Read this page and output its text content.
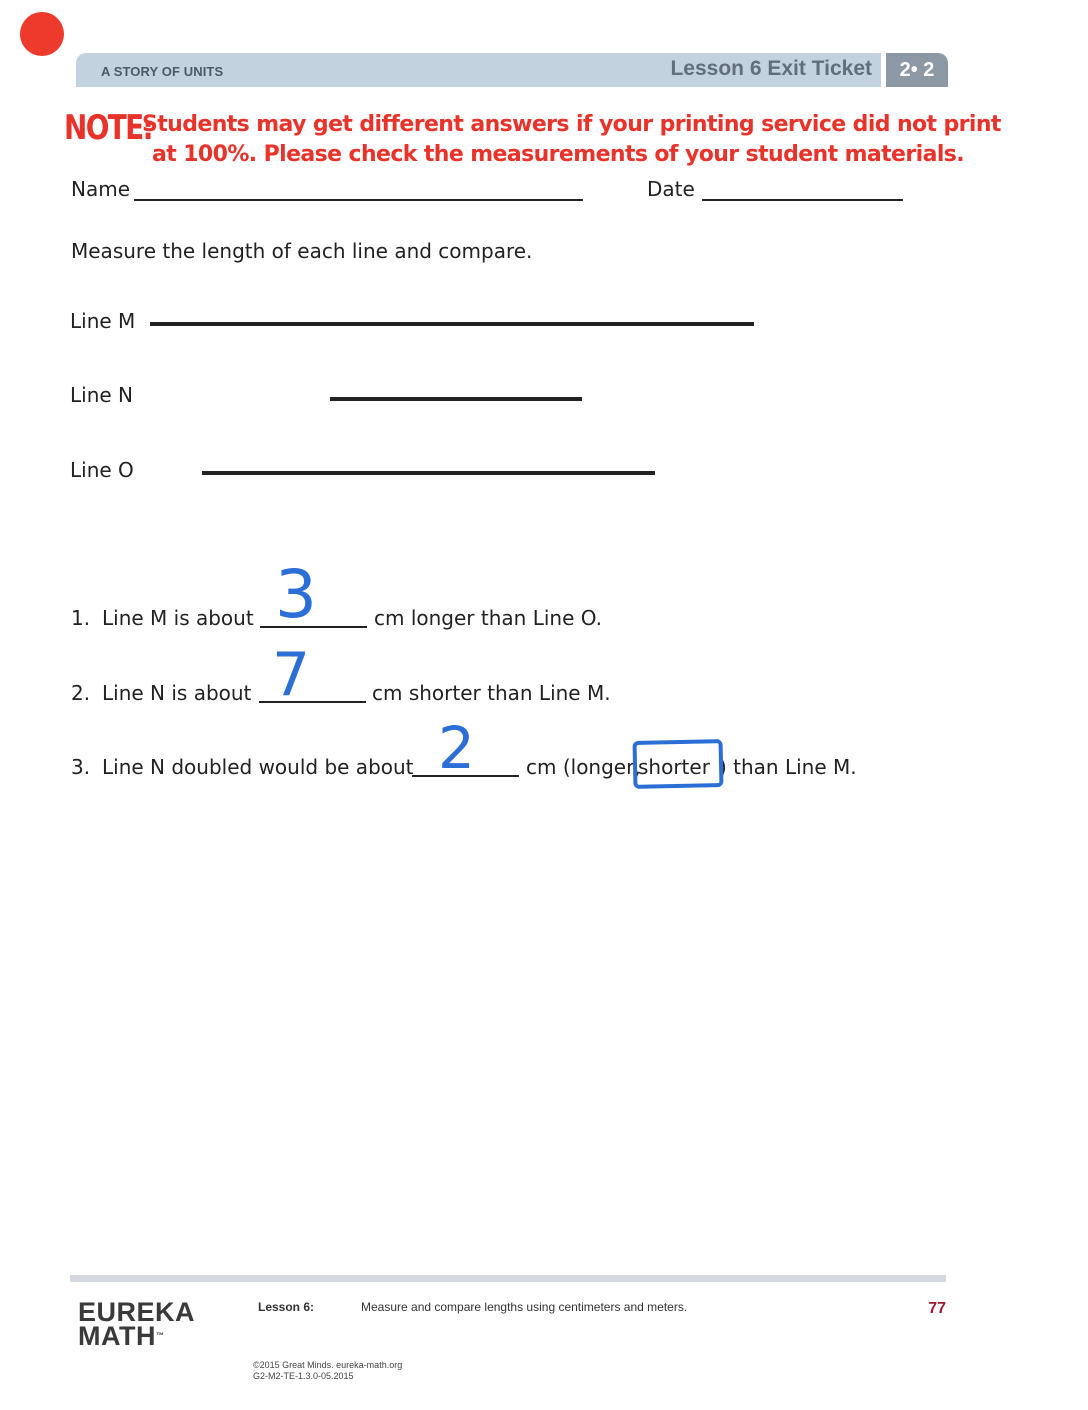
A STORY OF UNITS	Lesson 6 Exit Ticket	2• 2
NOTE:
Students may get different answers if your printing service did not print
at 100%. Please check the measurements of your student materials.
Name	Date
Measure the length of each line and compare.
Line M
Line N
Line O
1. Line M is about 3	cm longer than Line O.
2. Line N is about 7	cm shorter than Line M.
3. Line N doubled would be about 2	cm (longer,
shorter ) than Line M.
EUREKA
MATH™
Lesson 6:	Measure and compare lengths using centimeters and meters.	77
©2015 Great Minds. eureka-math.org
G2-M2-TE-1.3.0-05.2015
